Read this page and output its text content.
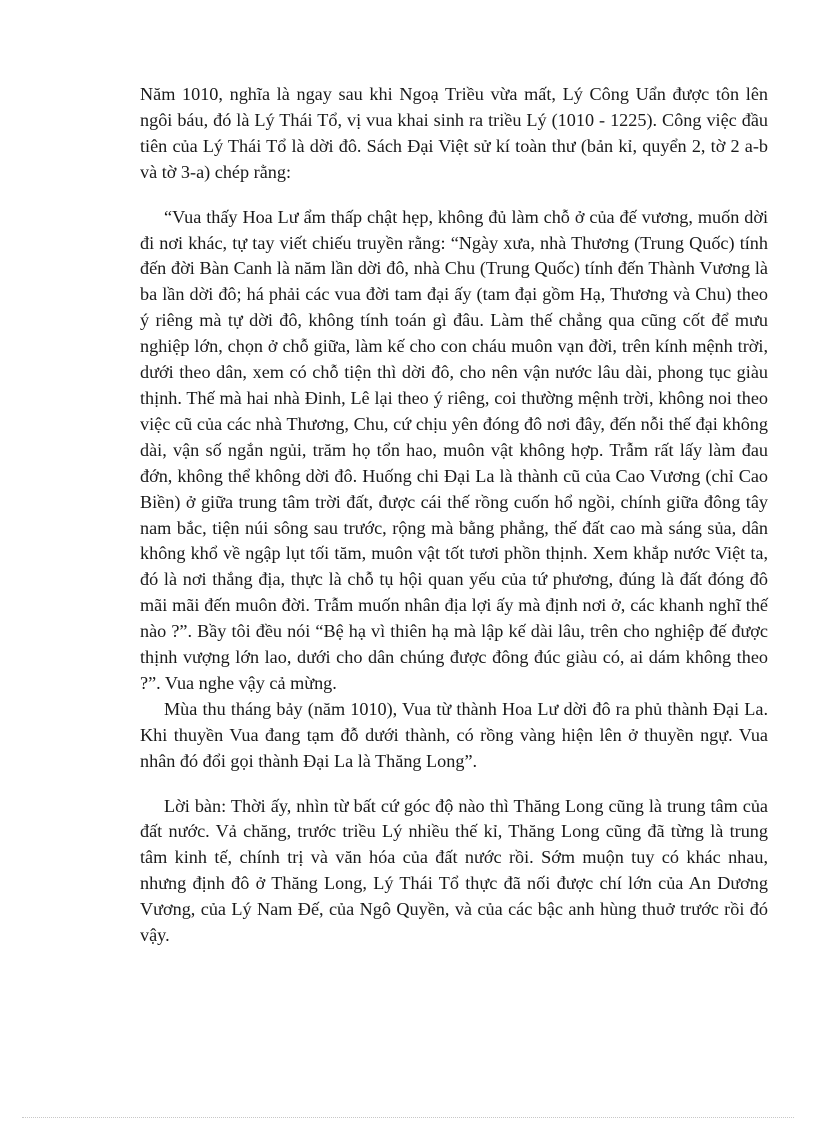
Năm 1010, nghĩa là ngay sau khi Ngoạ Triều vừa mất, Lý Công Uẩn được tôn lên ngôi báu, đó là Lý Thái Tổ, vị vua khai sinh ra triều Lý (1010 - 1225). Công việc đầu tiên của Lý Thái Tổ là dời đô. Sách Đại Việt sử kí toàn thư (bản kỉ, quyển 2, tờ 2 a-b và tờ 3-a) chép rằng:

“Vua thấy Hoa Lư ẩm thấp chật hẹp, không đủ làm chỗ ở của đế vương, muốn dời đi nơi khác, tự tay viết chiếu truyền rằng: “Ngày xưa, nhà Thương (Trung Quốc) tính đến đời Bàn Canh là năm lần dời đô, nhà Chu (Trung Quốc) tính đến Thành Vương là ba lần dời đô; há phải các vua đời tam đại ấy (tam đại gồm Hạ, Thương và Chu) theo ý riêng mà tự dời đô, không tính toán gì đâu. Làm thế chẳng qua cũng cốt để mưu nghiệp lớn, chọn ở chỗ giữa, làm kế cho con cháu muôn vạn đời, trên kính mệnh trời, dưới theo dân, xem có chỗ tiện thì dời đô, cho nên vận nước lâu dài, phong tục giàu thịnh. Thế mà hai nhà Đinh, Lê lại theo ý riêng, coi thường mệnh trời, không noi theo việc cũ của các nhà Thương, Chu, cứ chịu yên đóng đô nơi đây, đến nỗi thế đại không dài, vận số ngắn ngủi, trăm họ tổn hao, muôn vật không hợp. Trẫm rất lấy làm đau đớn, không thể không dời đô. Huống chi Đại La là thành cũ của Cao Vương (chỉ Cao Biền) ở giữa trung tâm trời đất, được cái thế rồng cuốn hổ ngồi, chính giữa đông tây nam bắc, tiện núi sông sau trước, rộng mà bằng phẳng, thế đất cao mà sáng sủa, dân không khổ về ngập lụt tối tăm, muôn vật tốt tươi phồn thịnh. Xem khắp nước Việt ta, đó là nơi thắng địa, thực là chỗ tụ hội quan yếu của tứ phương, đúng là đất đóng đô mãi mãi đến muôn đời. Trẫm muốn nhân địa lợi ấy mà định nơi ở, các khanh nghĩ thế nào ?”. Bầy tôi đều nói “Bệ hạ vì thiên hạ mà lập kế dài lâu, trên cho nghiệp đế được thịnh vượng lớn lao, dưới cho dân chúng được đông đúc giàu có, ai dám không theo ?”. Vua nghe vậy cả mừng.

Mùa thu tháng bảy (năm 1010), Vua từ thành Hoa Lư dời đô ra phủ thành Đại La. Khi thuyền Vua đang tạm đỗ dưới thành, có rồng vàng hiện lên ở thuyền ngự. Vua nhân đó đổi gọi thành Đại La là Thăng Long”.

Lời bàn: Thời ấy, nhìn từ bất cứ góc độ nào thì Thăng Long cũng là trung tâm của đất nước. Vả chăng, trước triều Lý nhiều thế kỉ, Thăng Long cũng đã từng là trung tâm kinh tế, chính trị và văn hóa của đất nước rồi. Sớm muộn tuy có khác nhau, nhưng định đô ở Thăng Long, Lý Thái Tổ thực đã nối được chí lớn của An Dương Vương, của Lý Nam Đế, của Ngô Quyền, và của các bậc anh hùng thuở trước rồi đó vậy.
